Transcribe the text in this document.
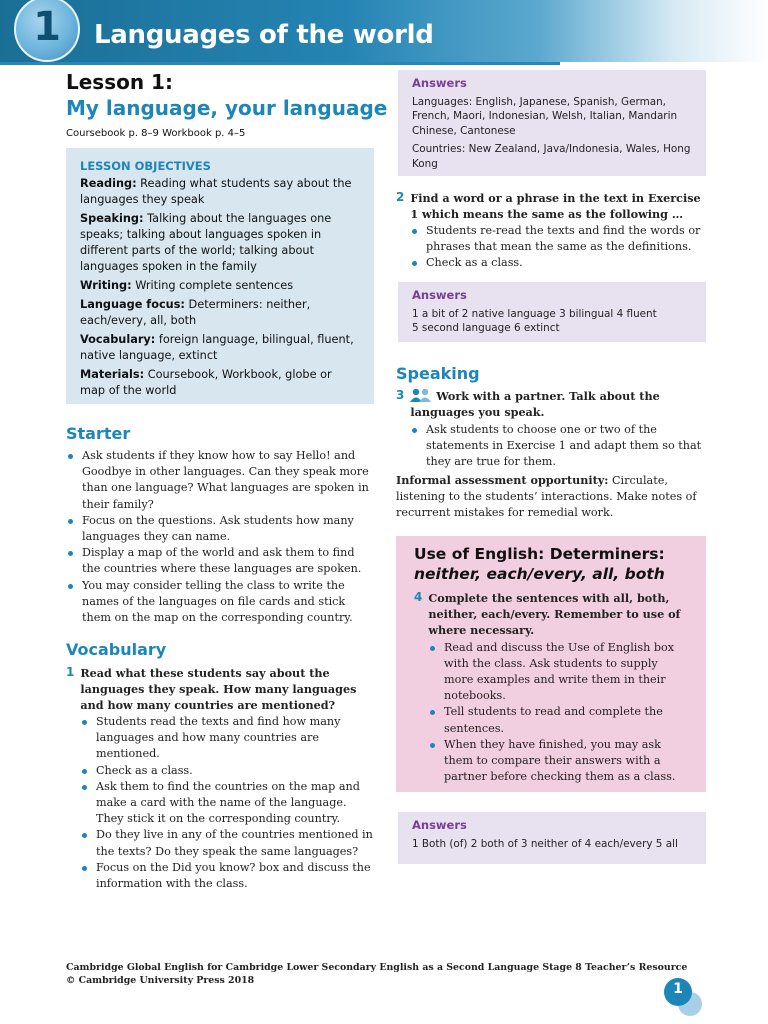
1	Languages of the world
Lesson 1:
My language, your language
Coursebook p. 8–9 Workbook p. 4–5
LESSON OBJECTIVES
Reading: Reading what students say about the languages they speak
Speaking: Talking about the languages one speaks; talking about languages spoken in different parts of the world; talking about languages spoken in the family
Writing: Writing complete sentences
Language focus: Determiners: neither, each/every, all, both
Vocabulary: foreign language, bilingual, fluent, native language, extinct
Materials: Coursebook, Workbook, globe or map of the world
Starter
Ask students if they know how to say Hello! and Goodbye in other languages. Can they speak more than one language? What languages are spoken in their family?
Focus on the questions. Ask students how many languages they can name.
Display a map of the world and ask them to find the countries where these languages are spoken.
You may consider telling the class to write the names of the languages on file cards and stick them on the map on the corresponding country.
Vocabulary
1 Read what these students say about the languages they speak. How many languages and how many countries are mentioned?
Students read the texts and find how many languages and how many countries are mentioned.
Check as a class.
Ask them to find the countries on the map and make a card with the name of the language. They stick it on the corresponding country.
Do they live in any of the countries mentioned in the texts? Do they speak the same languages?
Focus on the Did you know? box and discuss the information with the class.
Answers
Languages: English, Japanese, Spanish, German, French, Maori, Indonesian, Welsh, Italian, Mandarin Chinese, Cantonese
Countries: New Zealand, Java/Indonesia, Wales, Hong Kong
2 Find a word or a phrase in the text in Exercise 1 which means the same as the following …
Students re-read the texts and find the words or phrases that mean the same as the definitions.
Check as a class.
Answers
1 a bit of 2 native language 3 bilingual 4 fluent
5 second language 6 extinct
Speaking
3	Work with a partner. Talk about the languages you speak.
Ask students to choose one or two of the statements in Exercise 1 and adapt them so that they are true for them.
Informal assessment opportunity: Circulate, listening to the students’ interactions. Make notes of recurrent mistakes for remedial work.
Use of English: Determiners:
neither, each/every, all, both
4 Complete the sentences with all, both, neither, each/every. Remember to use of where necessary.
Read and discuss the Use of English box with the class. Ask students to supply more examples and write them in their notebooks.
Tell students to read and complete the sentences.
When they have finished, you may ask them to compare their answers with a partner before checking them as a class.
Answers
1 Both (of) 2 both of 3 neither of 4 each/every 5 all
Cambridge Global English for Cambridge Lower Secondary English as a Second Language Stage 8 Teacher’s Resource
© Cambridge University Press 2018
1
